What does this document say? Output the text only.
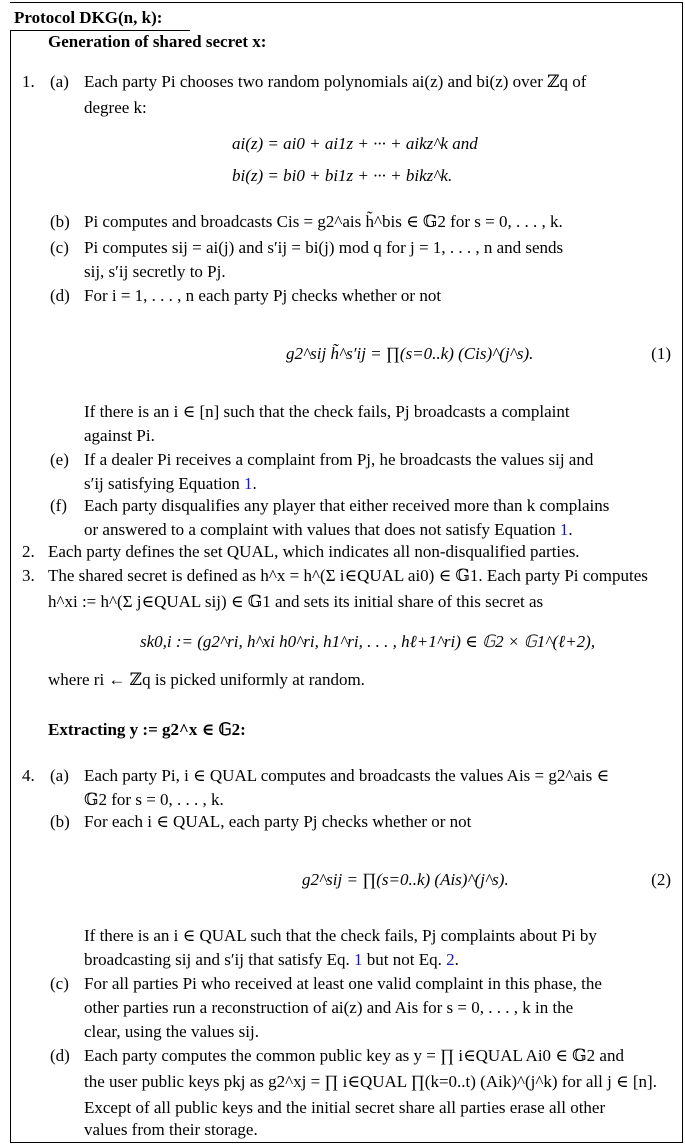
Protocol DKG(n, k):
Generation of shared secret x:
1. (a) Each party Pi chooses two random polynomials ai(z) and bi(z) over ℤq of
degree k:
ai(z) = ai0 + ai1z + ··· + aikz^k and
bi(z) = bi0 + bi1z + ··· + bikz^k.
(b) Pi computes and broadcasts Cis = g2^ais h̃^bis ∈ 𝔾2 for s = 0, . . . , k.
(c) Pi computes sij = ai(j) and s′ij = bi(j) mod q for j = 1, . . . , n and sends
sij, s′ij secretly to Pj.
(d) For i = 1, . . . , n each party Pj checks whether or not
g2^sij h̃^s′ij = ∏(s=0..k) (Cis)^(j^s).	(1)
If there is an i ∈ [n] such that the check fails, Pj broadcasts a complaint
against Pi.
(e) If a dealer Pi receives a complaint from Pj, he broadcasts the values sij and
s′ij satisfying Equation 1.
(f) Each party disqualifies any player that either received more than k complains
or answered to a complaint with values that does not satisfy Equation 1.
2. Each party defines the set QUAL, which indicates all non-disqualified parties.
3. The shared secret is defined as h^x = h^(Σ i∈QUAL ai0) ∈ 𝔾1. Each party Pi computes
h^xi := h^(Σ j∈QUAL sij) ∈ 𝔾1 and sets its initial share of this secret as
sk0,i := (g2^ri, h^xi h0^ri, h1^ri, . . . , hℓ+1^ri) ∈ 𝔾2 × 𝔾1^(ℓ+2),
where ri ← ℤq is picked uniformly at random.
Extracting y := g2^x ∈ 𝔾2:
4. (a) Each party Pi, i ∈ QUAL computes and broadcasts the values Ais = g2^ais ∈
𝔾2 for s = 0, . . . , k.
(b) For each i ∈ QUAL, each party Pj checks whether or not
g2^sij = ∏(s=0..k) (Ais)^(j^s).	(2)
If there is an i ∈ QUAL such that the check fails, Pj complaints about Pi by
broadcasting sij and s′ij that satisfy Eq. 1 but not Eq. 2.
(c) For all parties Pi who received at least one valid complaint in this phase, the
other parties run a reconstruction of ai(z) and Ais for s = 0, . . . , k in the
clear, using the values sij.
(d) Each party computes the common public key as y = ∏ i∈QUAL Ai0 ∈ 𝔾2 and
the user public keys pkj as g2^xj = ∏ i∈QUAL ∏(k=0..t) (Aik)^(j^k) for all j ∈ [n].
Except of all public keys and the initial secret share all parties erase all other
values from their storage.
